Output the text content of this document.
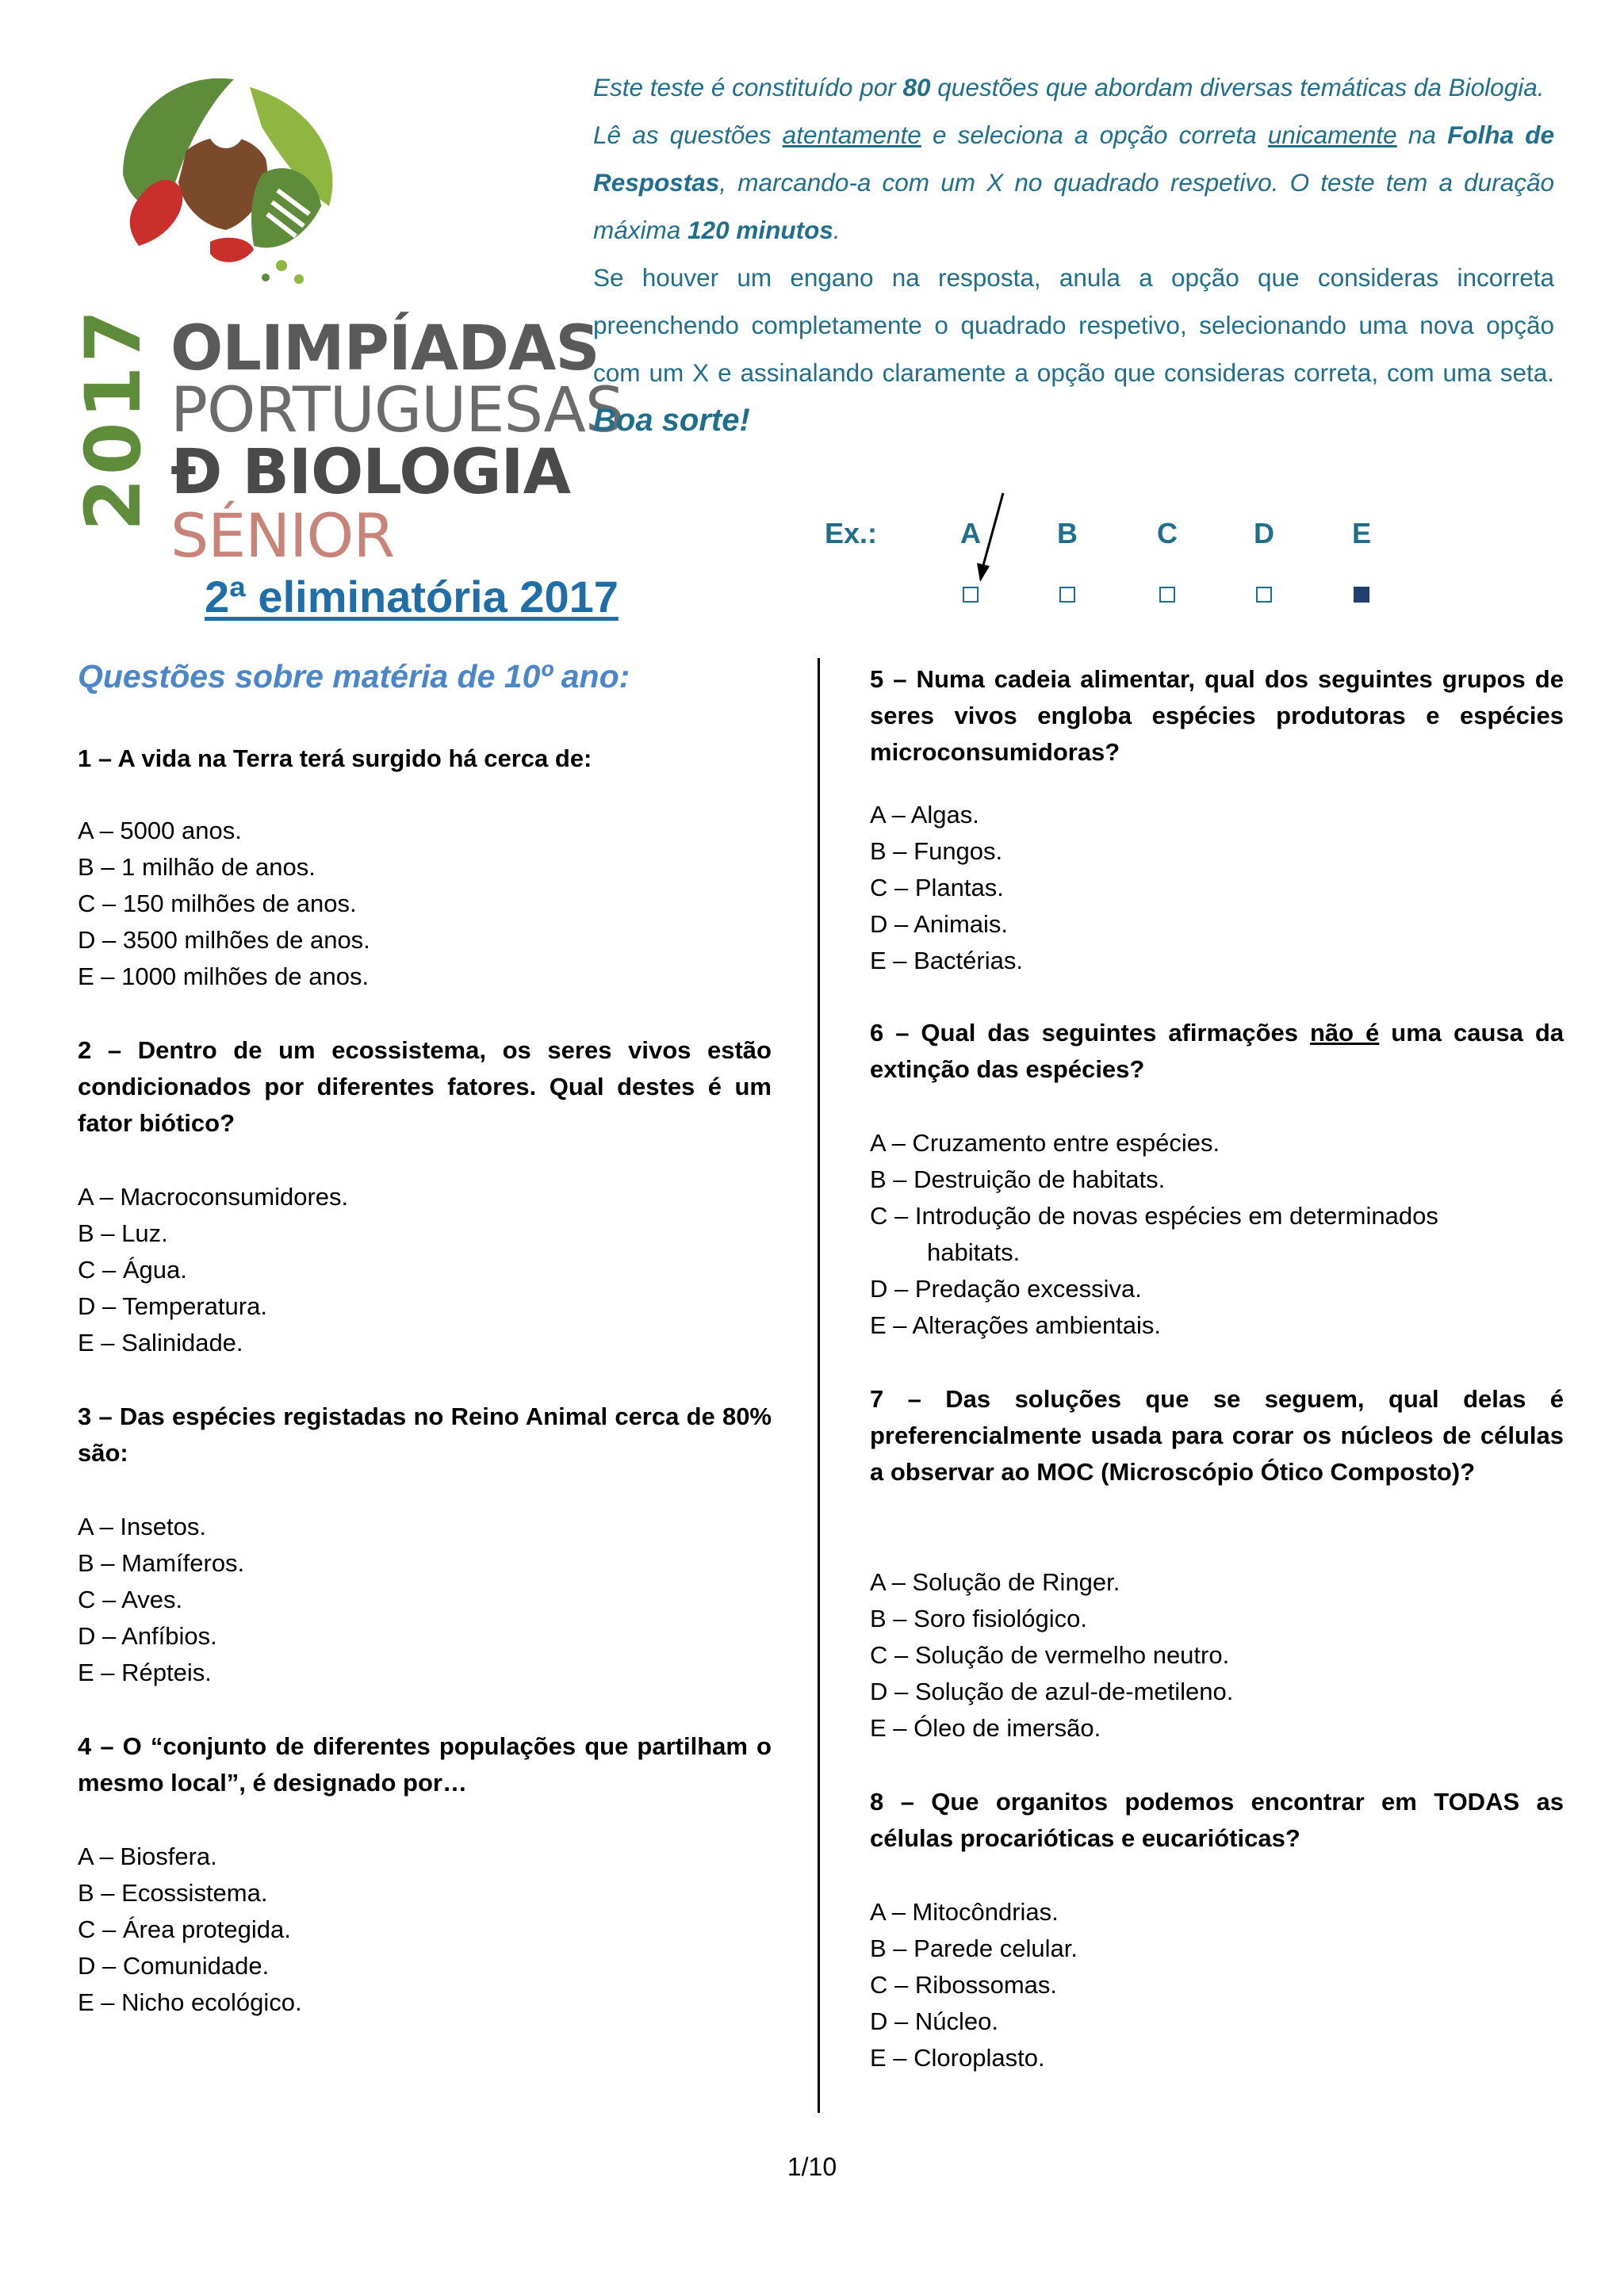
2017 OLIMPÍADAS
PORTUGUESAS
Ð BIOLOGIA
SÉNIOR

Este teste é constituído por 80 questões que abordam diversas temáticas da Biologia.

Lê as questões atentamente e seleciona a opção correta unicamente na Folha de Respostas, marcando-a com um X no quadrado respetivo. O teste tem a duração máxima 120 minutos.

Se houver um engano na resposta, anula a opção que consideras incorreta preenchendo completamente o quadrado respetivo, selecionando uma nova opção com um X e assinalando claramente a opção que consideras correta, com uma seta. Boa sorte!

Ex.:	A	B	C	D	E
2ª eliminatória 2017
Questões sobre matéria de 10º ano:

1 – A vida na Terra terá surgido há cerca de:

A – 5000 anos.

B – 1 milhão de anos.

C – 150 milhões de anos.

D – 3500 milhões de anos.

E – 1000 milhões de anos.

2 – Dentro de um ecossistema, os seres vivos estão condicionados por diferentes fatores. Qual destes é um fator biótico?

A – Macroconsumidores.

B – Luz.

C – Água.

D – Temperatura.

E – Salinidade.

3 – Das espécies registadas no Reino Animal cerca de 80% são:

A – Insetos.

B – Mamíferos.

C – Aves.

D – Anfíbios.

E – Répteis.

4 – O “conjunto de diferentes populações que partilham o mesmo local”, é designado por…

A – Biosfera.

B – Ecossistema.

C – Área protegida.

D – Comunidade.

E – Nicho ecológico.

5 – Numa cadeia alimentar, qual dos seguintes grupos de seres vivos engloba espécies produtoras e espécies microconsumidoras?

A – Algas.

B – Fungos.

C – Plantas.

D – Animais.

E – Bactérias.

6 – Qual das seguintes afirmações não é uma causa da extinção das espécies?

A – Cruzamento entre espécies.

B – Destruição de habitats.

C – Introdução de novas espécies em determinados

habitats.

D – Predação excessiva.

E – Alterações ambientais.

7 – Das soluções que se seguem, qual delas é preferencialmente usada para corar os núcleos de células a observar ao MOC (Microscópio Ótico Composto)?

A – Solução de Ringer.

B – Soro fisiológico.

C – Solução de vermelho neutro.

D – Solução de azul-de-metileno.

E – Óleo de imersão.

8 – Que organitos podemos encontrar em TODAS as células procarióticas e eucarióticas?

A – Mitocôndrias.

B – Parede celular.

C – Ribossomas.

D – Núcleo.

E – Cloroplasto.

1/10
